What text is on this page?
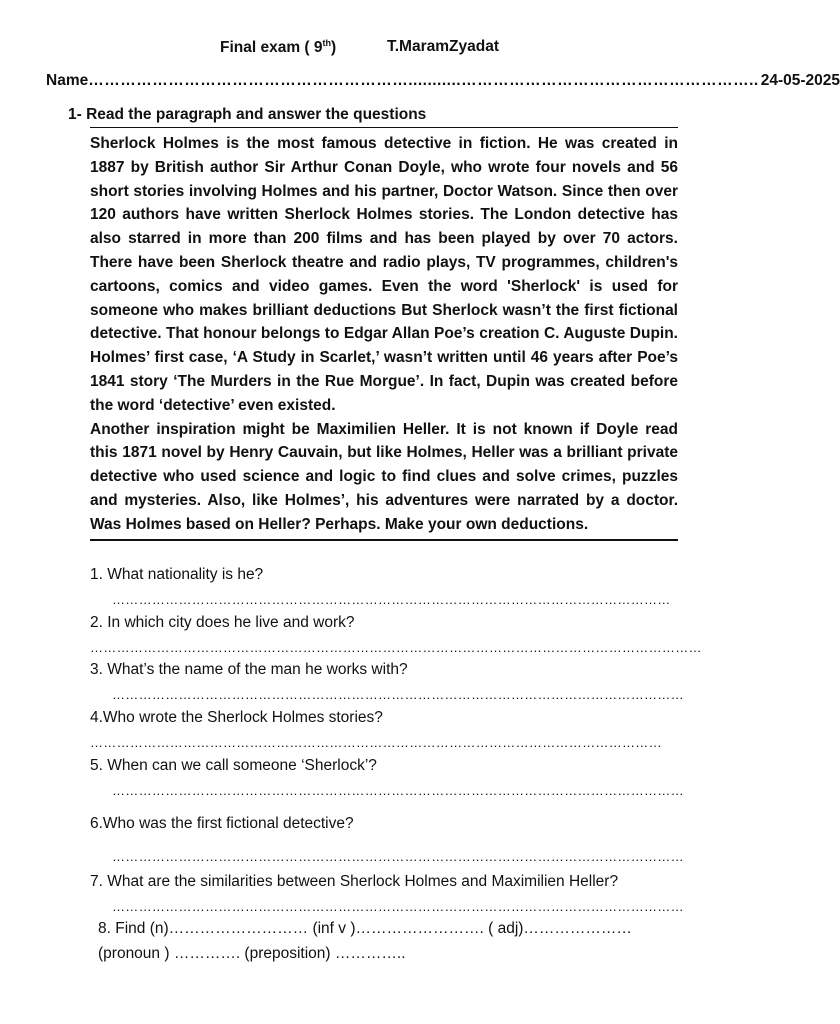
Final exam ( 9th)	T.MaramZyadat
Name ……………………………………………………...........……………………………………………….. 24-05-2025
1- Read the paragraph and answer the questions

Sherlock Holmes is the most famous detective in fiction. He was created in 1887 by British author Sir Arthur Conan Doyle, who wrote four novels and 56 short stories involving Holmes and his partner, Doctor Watson. Since then over 120 authors have written Sherlock Holmes stories. The London detective has also starred in more than 200 films and has been played by over 70 actors. There have been Sherlock theatre and radio plays, TV programmes, children's cartoons, comics and video games. Even the word 'Sherlock' is used for someone who makes brilliant deductions But Sherlock wasn’t the first fictional detective. That honour belongs to Edgar Allan Poe’s creation C. Auguste Dupin. Holmes’ first case, ‘A Study in Scarlet,’ wasn’t written until 46 years after Poe’s 1841 story ‘The Murders in the Rue Morgue’. In fact, Dupin was created before the word ‘detective’ even existed.

Another inspiration might be Maximilien Heller. It is not known if Doyle read this 1871 novel by Henry Cauvain, but like Holmes, Heller was a brilliant private detective who used science and logic to find clues and solve crimes, puzzles and mysteries. Also, like Holmes’, his adventures were narrated by a doctor. Was Holmes based on Heller? Perhaps. Make your own deductions.

1. What nationality is he?
………………………………………………………………………………………………………………
2. In which city does he live and work?
…………………………………………………………………………………………………………………………
3. What’s the name of the man he works with?
…………………………………………………………………………………………………………………
4.Who wrote the Sherlock Holmes stories?
…………………………………………………………………………………………………………………
5. When can we call someone ‘Sherlock’?
…………………………………………………………………………………………………………………
6.Who was the first fictional detective?
…………………………………………………………………………………………………………………
7. What are the similarities between Sherlock Holmes and Maximilien Heller?
…………………………………………………………………………………………………………………
8. Find (n)……………………… (inf v )……………………. ( adj)…………………
(pronoun ) …………. (preposition) …………..
